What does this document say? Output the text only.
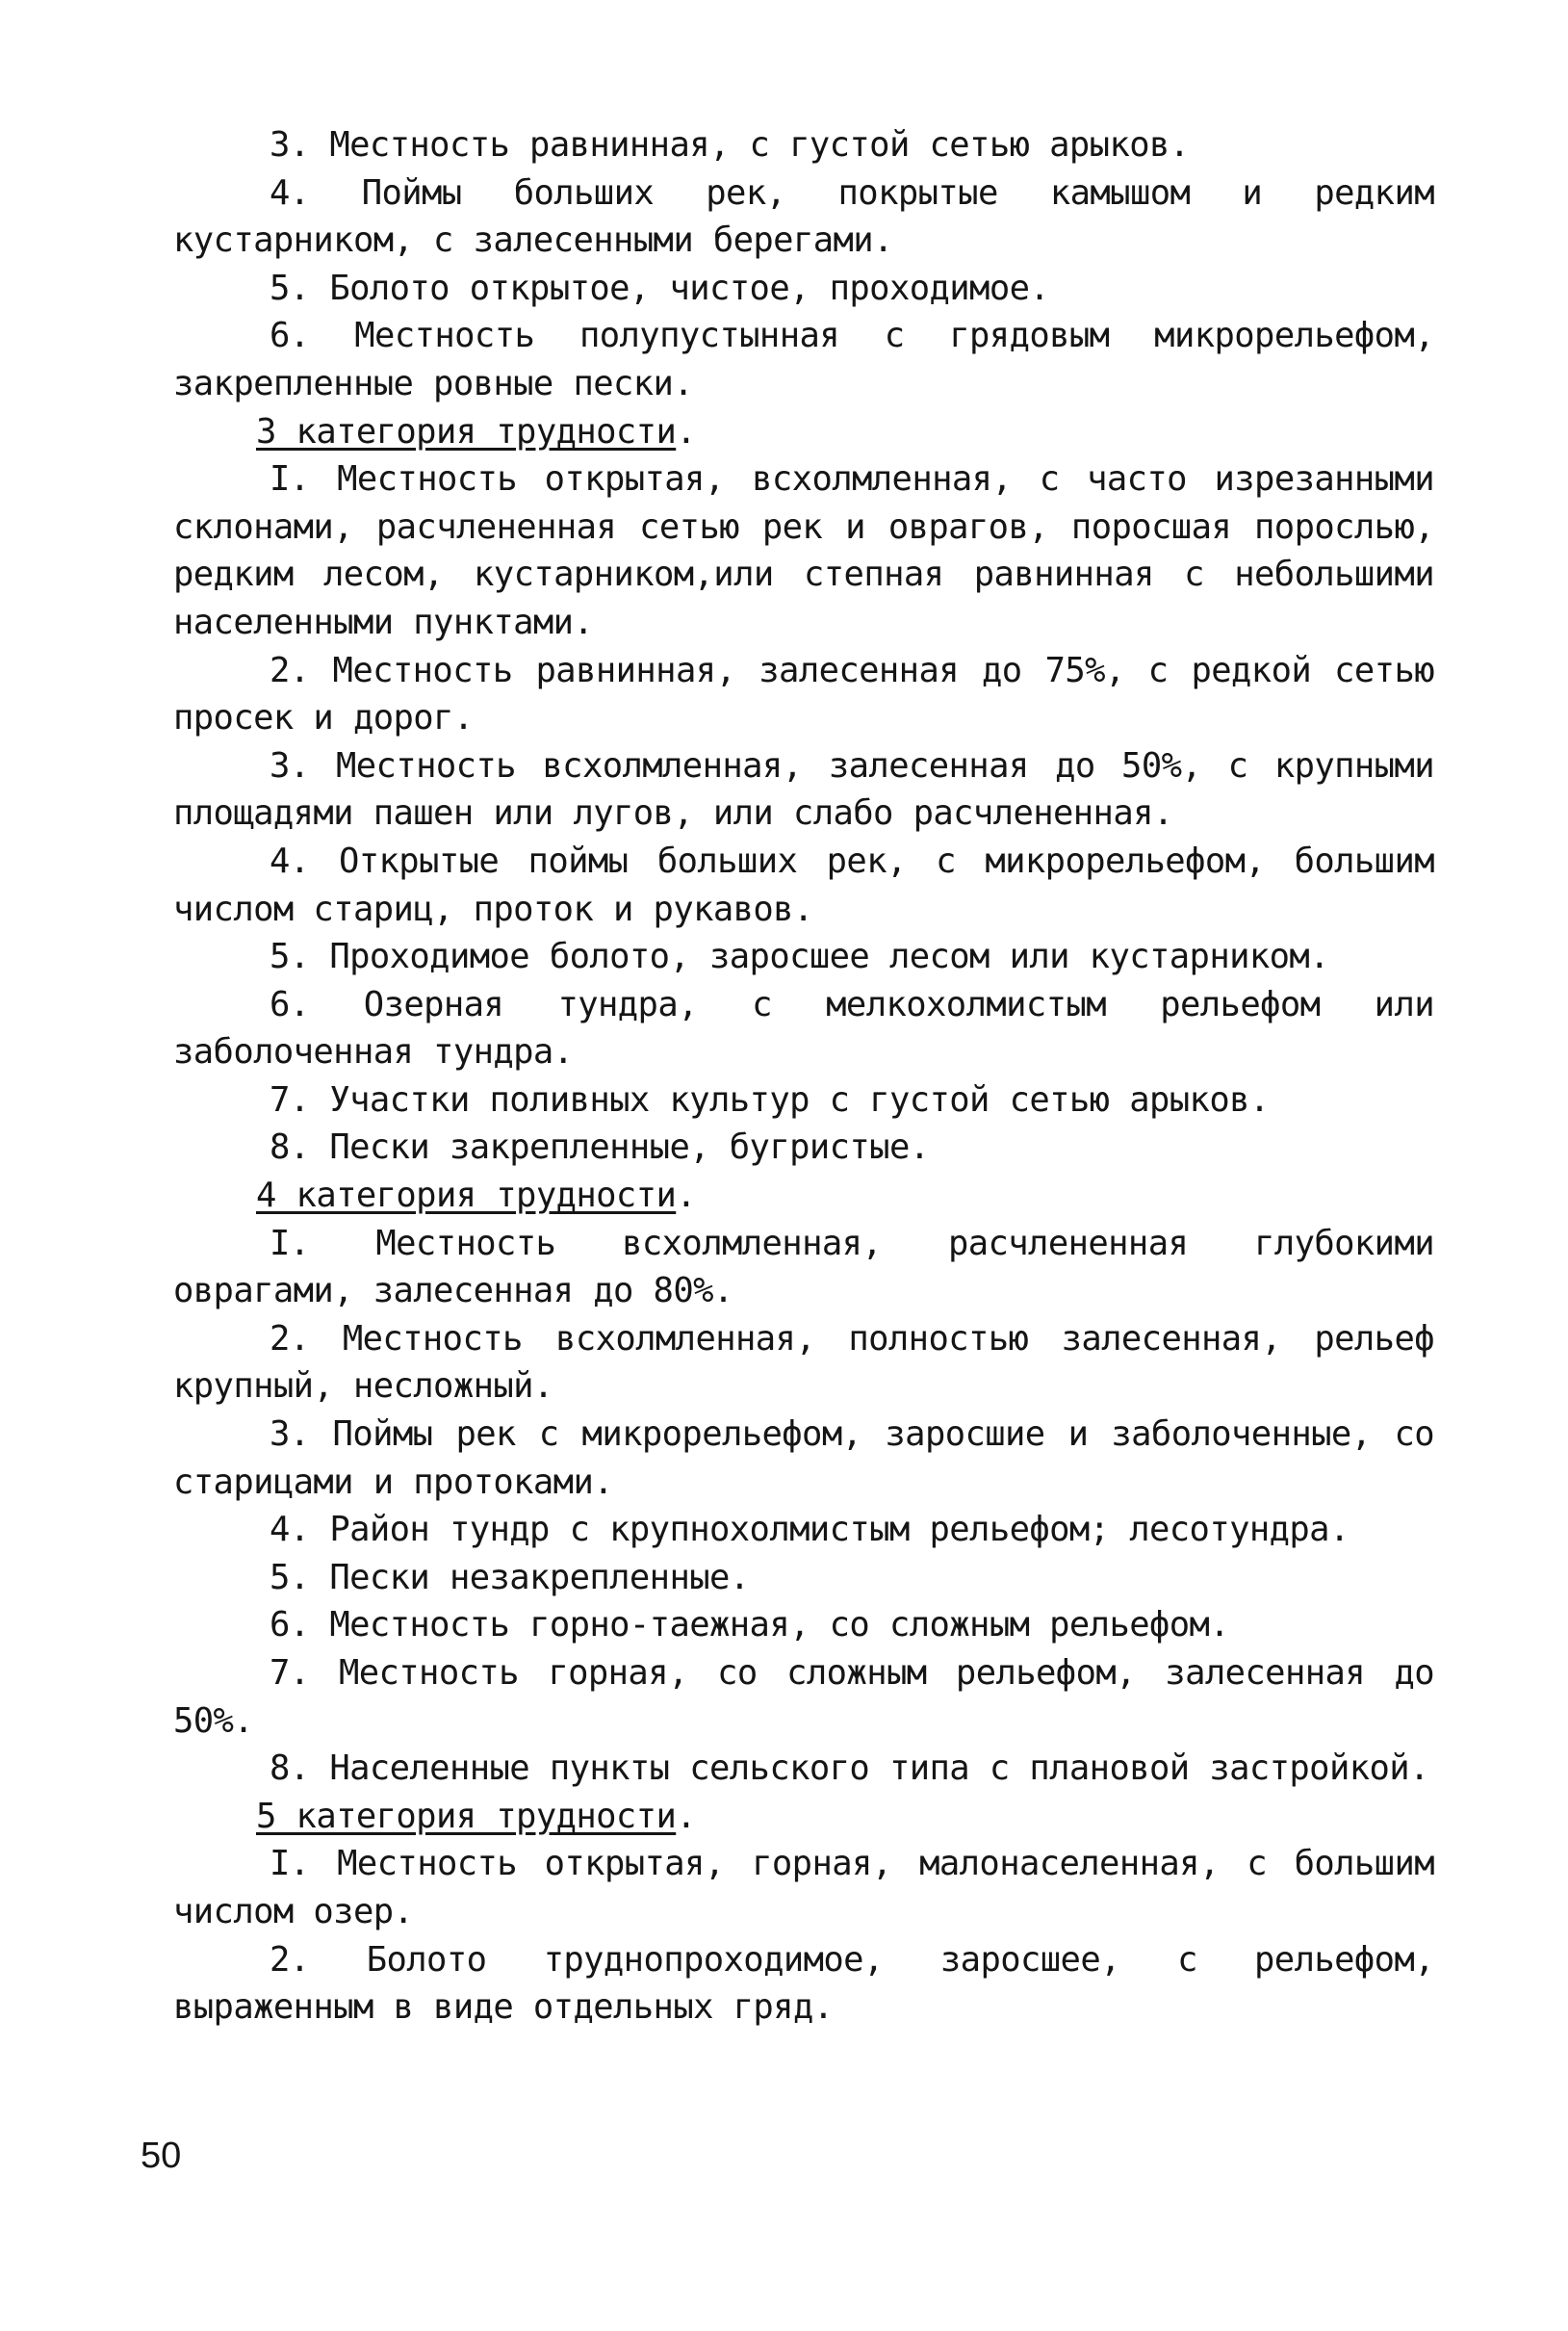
3. Местность равнинная, с густой сетью арыков.

4. Поймы больших рек, покрытые камышом и редким кустарником, с залесенными берегами.

5. Болото открытое, чистое, проходимое.

6. Местность полупустынная с грядовым микрорельефом, закрепленные ровные пески.

3 категория трудности.

I. Местность открытая, всхолмленная, с часто изрезанными склонами, расчлененная сетью рек и оврагов, поросшая порослью, редким лесом, кустарником,или степная равнинная с небольшими населенными пунктами.

2. Местность равнинная, залесенная до 75%, с редкой сетью просек и дорог.

3. Местность всхолмленная, залесенная до 50%, с крупными площадями пашен или лугов, или слабо расчлененная.

4. Открытые поймы больших рек, с микрорельефом, большим числом стариц, проток и рукавов.

5. Проходимое болото, заросшее лесом или кустарником.

6. Озерная тундра, с мелкохолмистым рельефом или заболоченная тундра.

7. Участки поливных культур с густой сетью арыков.

8. Пески закрепленные, бугристые.

4 категория трудности.

I. Местность всхолмленная, расчлененная глубокими оврагами, залесенная до 80%.

2. Местность всхолмленная, полностью залесенная, рельеф крупный, несложный.

3. Поймы рек с микрорельефом, заросшие и заболоченные, со старицами и протоками.

4. Район тундр с крупнохолмистым рельефом; лесотундра.

5. Пески незакрепленные.

6. Местность горно-таежная, со сложным рельефом.

7. Местность горная, со сложным рельефом, залесенная до 50%.

8. Населенные пункты сельского типа с плановой застройкой.

5 категория трудности.

I. Местность открытая, горная, малонаселенная, с большим числом озер.

2. Болото труднопроходимое, заросшее, с рельефом, выраженным в виде отдельных гряд.

50
